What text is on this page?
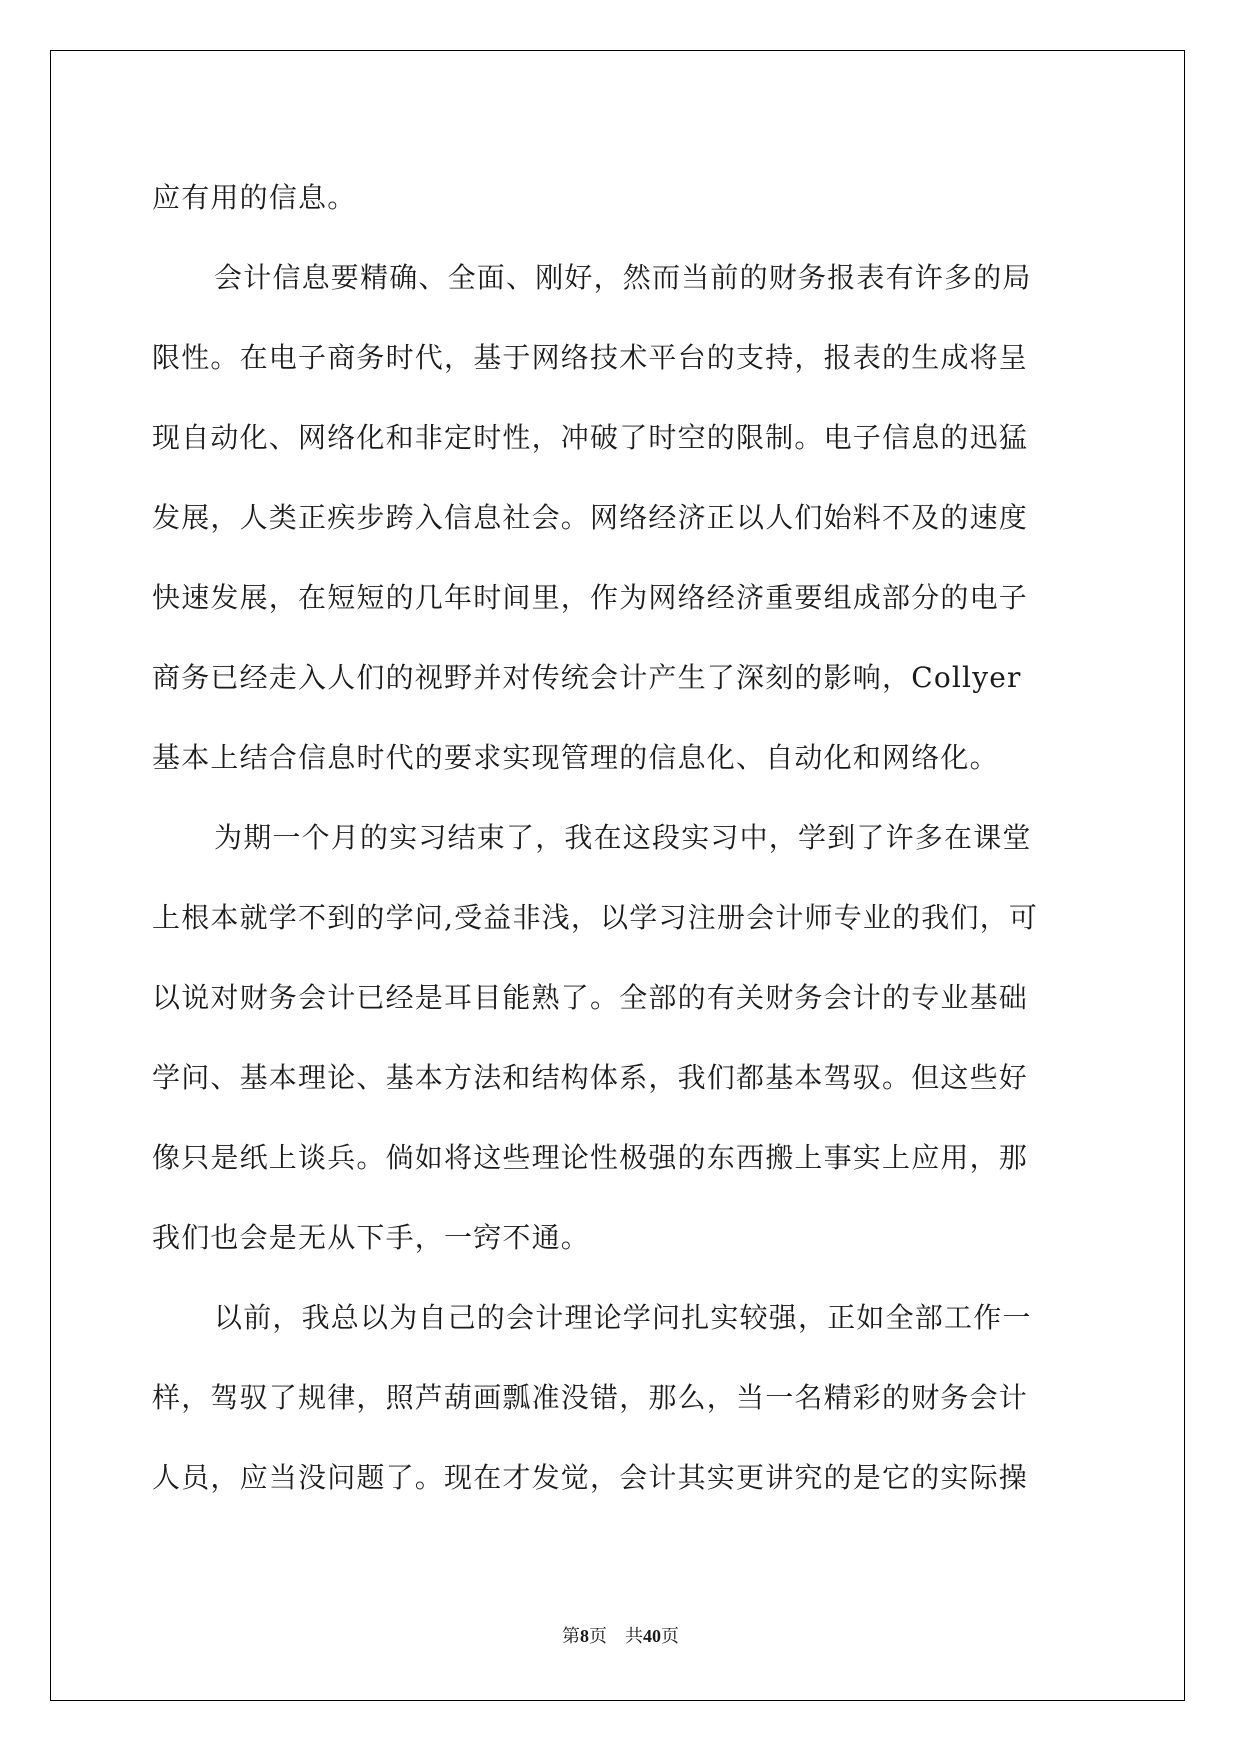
应有用的信息。
会计信息要精确、全面、刚好，然而当前的财务报表有许多的局
限性。在电子商务时代，基于网络技术平台的支持，报表的生成将呈
现自动化、网络化和非定时性，冲破了时空的限制。电子信息的迅猛
发展，人类正疾步跨入信息社会。网络经济正以人们始料不及的速度
快速发展，在短短的几年时间里，作为网络经济重要组成部分的电子
商务已经走入人们的视野并对传统会计产生了深刻的影响，Collyer
基本上结合信息时代的要求实现管理的信息化、自动化和网络化。
为期一个月的实习结束了，我在这段实习中，学到了许多在课堂
上根本就学不到的学问,受益非浅，以学习注册会计师专业的我们，可
以说对财务会计已经是耳目能熟了。全部的有关财务会计的专业基础
学问、基本理论、基本方法和结构体系，我们都基本驾驭。但这些好
像只是纸上谈兵。倘如将这些理论性极强的东西搬上事实上应用，那
我们也会是无从下手，一窍不通。
以前，我总以为自己的会计理论学问扎实较强，正如全部工作一
样，驾驭了规律，照芦葫画瓢准没错，那么，当一名精彩的财务会计
人员，应当没问题了。现在才发觉，会计其实更讲究的是它的实际操
第8页 共40页
